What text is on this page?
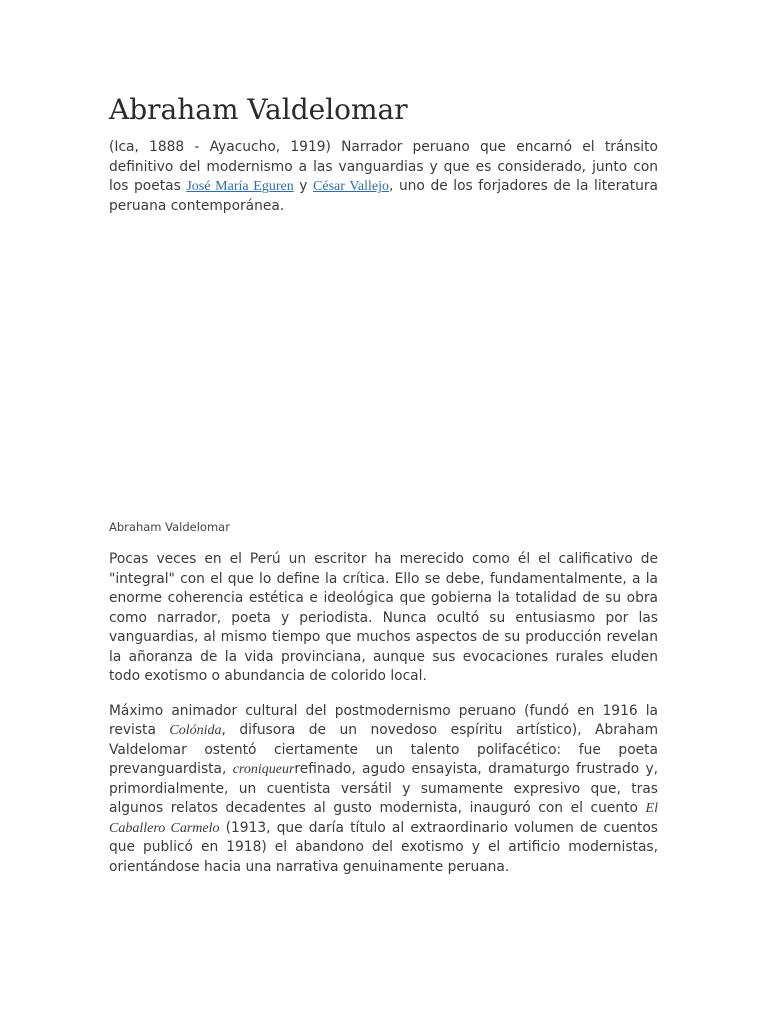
Abraham Valdelomar

(Ica, 1888 - Ayacucho, 1919) Narrador peruano que encarnó el tránsito definitivo del modernismo a las vanguardias y que es considerado, junto con los poetas José María Eguren y César Vallejo, uno de los forjadores de la literatura peruana contemporánea.

Abraham Valdelomar

Pocas veces en el Perú un escritor ha merecido como él el calificativo de "integral" con el que lo define la crítica. Ello se debe, fundamentalmente, a la enorme coherencia estética e ideológica que gobierna la totalidad de su obra como narrador, poeta y periodista. Nunca ocultó su entusiasmo por las vanguardias, al mismo tiempo que muchos aspectos de su producción revelan la añoranza de la vida provinciana, aunque sus evocaciones rurales eluden todo exotismo o abundancia de colorido local.

Máximo animador cultural del postmodernismo peruano (fundó en 1916 la revista Colónida, difusora de un novedoso espíritu artístico), Abraham Valdelomar ostentó ciertamente un talento polifacético: fue poeta prevanguardista, croniqueurrefinado, agudo ensayista, dramaturgo frustrado y, primordialmente, un cuentista versátil y sumamente expresivo que, tras algunos relatos decadentes al gusto modernista, inauguró con el cuento El Caballero Carmelo (1913, que daría título al extraordinario volumen de cuentos que publicó en 1918) el abandono del exotismo y el artificio modernistas, orientándose hacia una narrativa genuinamente peruana.
